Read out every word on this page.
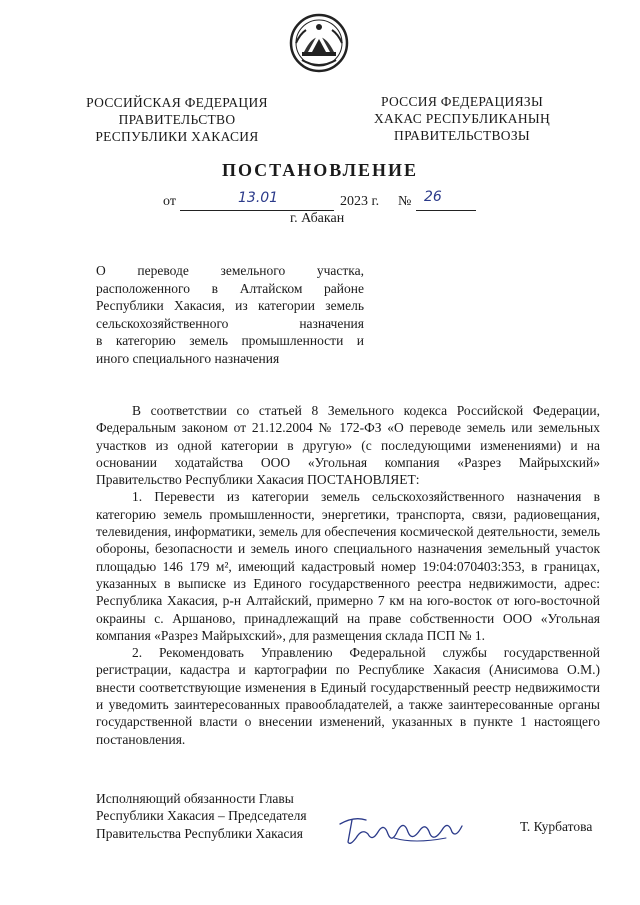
РОССИЙСКАЯ ФЕДЕРАЦИЯ
ПРАВИТЕЛЬСТВО
РЕСПУБЛИКИ ХАКАСИЯ
РОССИЯ ФЕДЕРАЦИЯЗЫ
ХАКАС РЕСПУБЛИКАНЫҢ
ПРАВИТЕЛЬСТВОЗЫ
ПОСТАНОВЛЕНИЕ
от	13.01	2023 г. № 26
г. Абакан
О переводе земельного участка,
расположенного в Алтайском районе
Республики Хакасия, из категории земель
сельскохозяйственного назначения
в категорию земель промышленности и
иного специального назначения

В соответствии со статьей 8 Земельного кодекса Российской Федерации, Федеральным законом от 21.12.2004 № 172-ФЗ «О переводе земель или земельных участков из одной категории в другую» (с последующими изменениями) и на основании ходатайства ООО «Угольная компания «Разрез Майрыхский» Правительство Республики Хакасия ПОСТАНОВЛЯЕТ:

1. Перевести из категории земель сельскохозяйственного назначения в категорию земель промышленности, энергетики, транспорта, связи, радиовещания, телевидения, информатики, земель для обеспечения космической деятельности, земель обороны, безопасности и земель иного специального назначения земельный участок площадью 146 179 м², имеющий кадастровый номер 19:04:070403:353, в границах, указанных в выписке из Единого государственного реестра недвижимости, адрес: Республика Хакасия, р-н Алтайский, примерно 7 км на юго-восток от юго-восточной окраины с. Аршаново, принадлежащий на праве собственности ООО «Угольная компания «Разрез Майрыхский», для размещения склада ПСП № 1.

2. Рекомендовать Управлению Федеральной службы государственной регистрации, кадастра и картографии по Республике Хакасия (Анисимова О.М.) внести соответствующие изменения в Единый государственный реестр недвижимости и уведомить заинтересованных правообладателей, а также заинтересованные органы государственной власти о внесении изменений, указанных в пункте 1 настоящего постановления.

Исполняющий обязанности Главы
Республики Хакасия – Председателя
Правительства Республики Хакасия	Т. Курбатова
